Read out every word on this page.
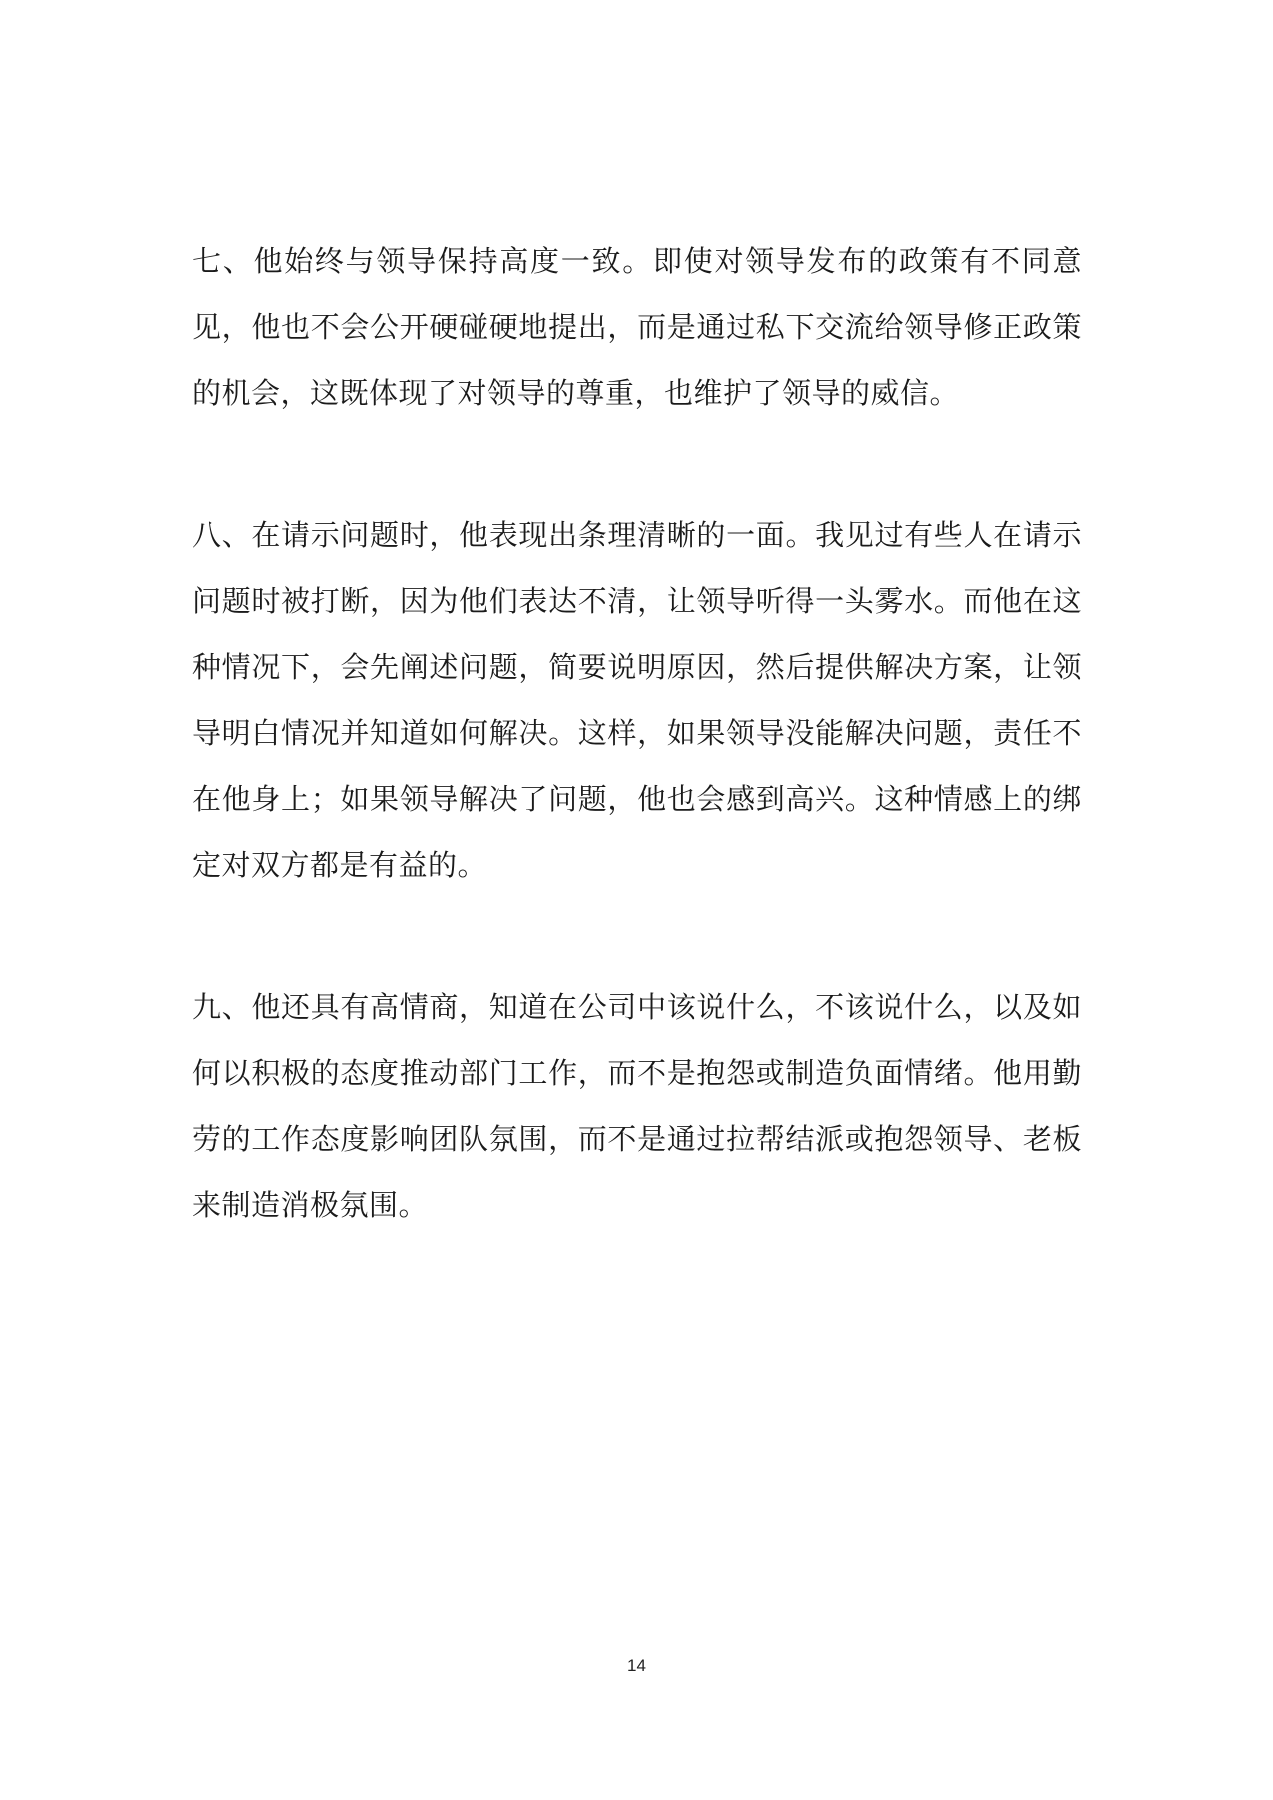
七、他始终与领导保持高度一致。即使对领导发布的政策有不同意见，他也不会公开硬碰硬地提出，而是通过私下交流给领导修正政策的机会，这既体现了对领导的尊重，也维护了领导的威信。

八、在请示问题时，他表现出条理清晰的一面。我见过有些人在请示问题时被打断，因为他们表达不清，让领导听得一头雾水。而他在这种情况下，会先阐述问题，简要说明原因，然后提供解决方案，让领导明白情况并知道如何解决。这样，如果领导没能解决问题，责任不在他身上；如果领导解决了问题，他也会感到高兴。这种情感上的绑定对双方都是有益的。

九、他还具有高情商，知道在公司中该说什么，不该说什么，以及如何以积极的态度推动部门工作，而不是抱怨或制造负面情绪。他用勤劳的工作态度影响团队氛围，而不是通过拉帮结派或抱怨领导、老板来制造消极氛围。

14
